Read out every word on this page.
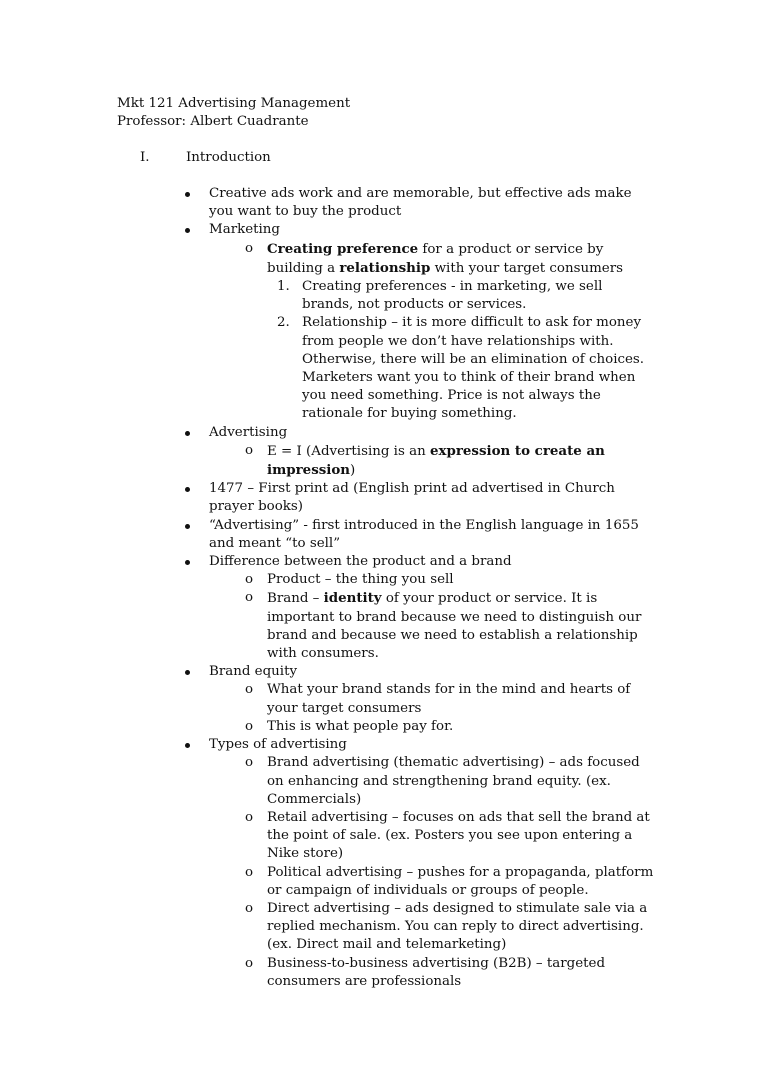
Mkt 121 Advertising Management
Professor: Albert Cuadrante
I.	Introduction
Creative ads work and are memorable, but effective ads make you want to buy the product
Marketing
o Creating preference for a product or service by building a relationship with your target consumers
1. Creating preferences - in marketing, we sell brands, not products or services.
2. Relationship – it is more difficult to ask for money from people we don’t have relationships with. Otherwise, there will be an elimination of choices. Marketers want you to think of their brand when you need something. Price is not always the rationale for buying something.
Advertising
o E = I (Advertising is an expression to create an impression)
1477 – First print ad (English print ad advertised in Church prayer books)
“Advertising” - first introduced in the English language in 1655 and meant “to sell”
Difference between the product and a brand
o Product – the thing you sell
o Brand – identity of your product or service. It is important to brand because we need to distinguish our brand and because we need to establish a relationship with consumers.
Brand equity
o What your brand stands for in the mind and hearts of your target consumers
o This is what people pay for.
Types of advertising
o Brand advertising (thematic advertising) – ads focused on enhancing and strengthening brand equity. (ex. Commercials)
o Retail advertising – focuses on ads that sell the brand at the point of sale. (ex. Posters you see upon entering a Nike store)
o Political advertising – pushes for a propaganda, platform or campaign of individuals or groups of people.
o Direct advertising – ads designed to stimulate sale via a replied mechanism. You can reply to direct advertising. (ex. Direct mail and telemarketing)
o Business-to-business advertising (B2B) – targeted consumers are professionals
